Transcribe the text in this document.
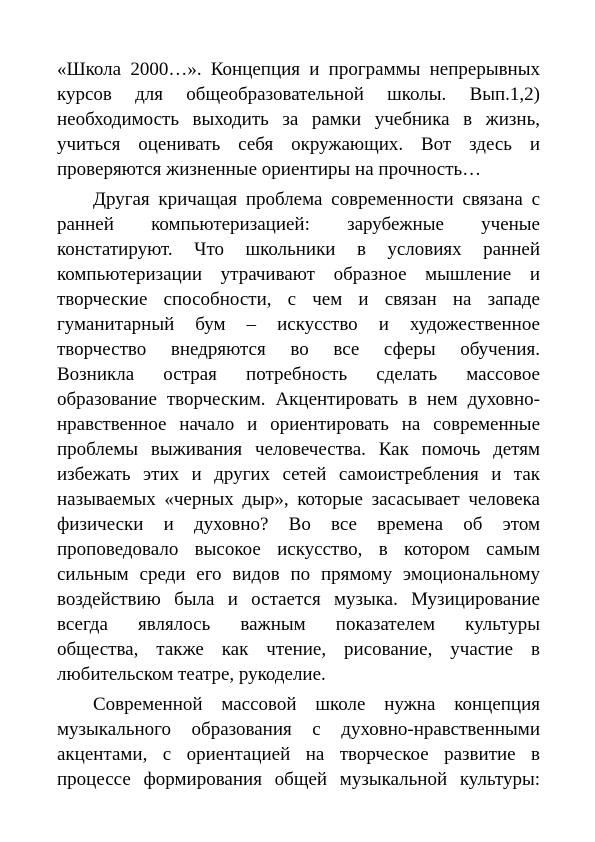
«Школа 2000…». Концепция и программы непрерывных
курсов для общеобразовательной школы. Вып.1,2)
необходимость выходить за рамки учебника в жизнь,
учиться оценивать себя окружающих. Вот здесь и
проверяются жизненные ориентиры на прочность…
Другая кричащая проблема современности связана с
ранней компьютеризацией: зарубежные ученые
констатируют. Что школьники в условиях ранней
компьютеризации утрачивают образное мышление и
творческие способности, с чем и связан на западе
гуманитарный бум – искусство и художественное
творчество внедряются во все сферы обучения.
Возникла острая потребность сделать массовое
образование творческим. Акцентировать в нем духовно-
нравственное начало и ориентировать на современные
проблемы выживания человечества. Как помочь детям
избежать этих и других сетей самоистребления и так
называемых «черных дыр», которые засасывает человека
физически и духовно? Во все времена об этом
проповедовало высокое искусство, в котором самым
сильным среди его видов по прямому эмоциональному
воздействию была и остается музыка. Музицирование
всегда являлось важным показателем культуры
общества, также как чтение, рисование, участие в
любительском театре, рукоделие.
Современной массовой школе нужна концепция
музыкального образования с духовно-нравственными
акцентами, с ориентацией на творческое развитие в
процессе формирования общей музыкальной культуры:
